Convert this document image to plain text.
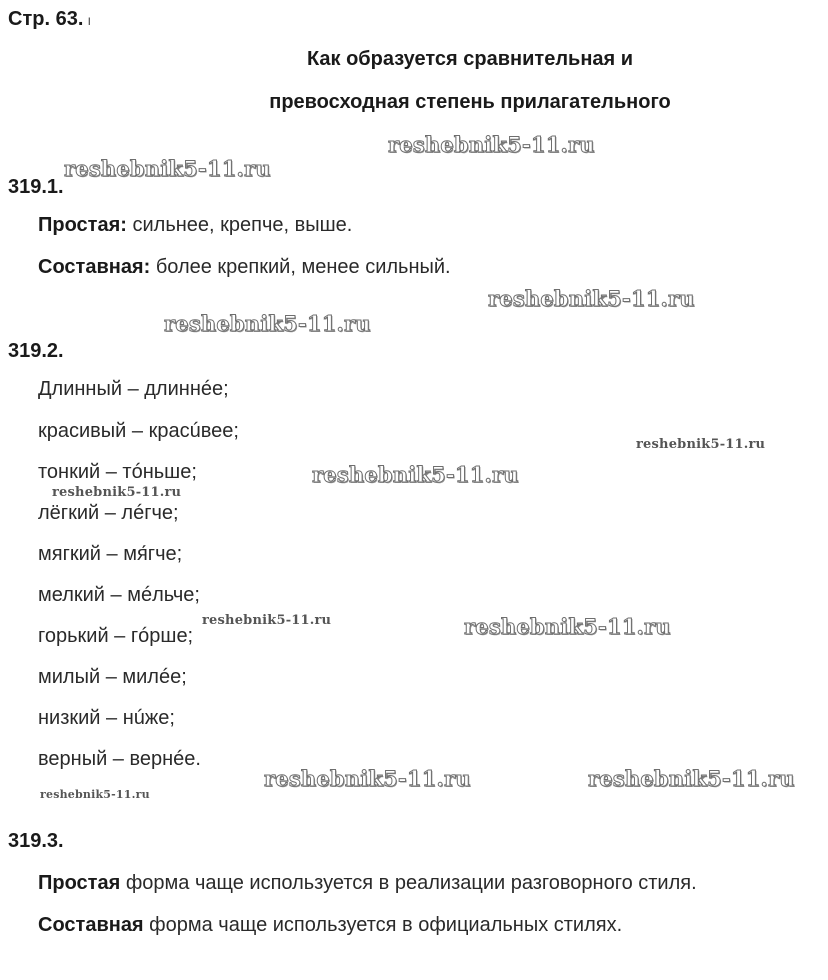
Стр. 63. ı
Как образуется сравнительная и
превосходная степень прилагательного
319.1.
Простая: сильнее, крепче, выше.
Составная: более крепкий, менее сильный.
319.2.
Длинный – длиннée;
красивый – красúвее;
тонкий – тóньше;
лёгкий – лéгче;
мягкий – мя́гче;
мелкий – мéльче;
горький – гóрше;
милый – милée;
низкий – нúже;
верный – вернée.
319.3.
Простая форма чаще используется в реализации разговорного стиля.
Составная форма чаще используется в официальных стилях.
reshebnik5-11.ru
reshebnik5-11.ru
reshebnik5-11.ru
reshebnik5-11.ru
reshebnik5-11.ru
reshebnik5-11.ru
reshebnik5-11.ru
reshebnik5-11.ru	reshebnik5-11.ru
reshebnik5-11.ru	reshebnik5-11.ru
reshebnik5-11.ru
